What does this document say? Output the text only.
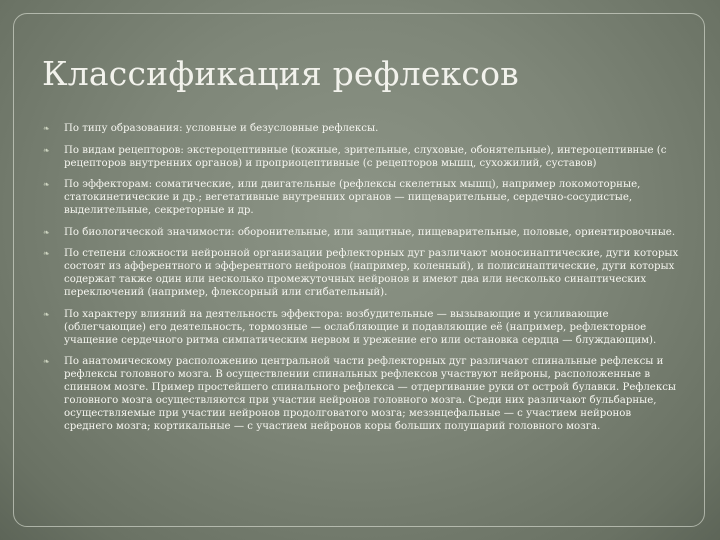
Классификация рефлексов
❧ По типу образования: условные и безусловные рефлексы.
❧ По видам рецепторов: экстероцептивные (кожные, зрительные, слуховые, обонятельные), интероцептивные (с рецепторов внутренних органов) и проприоцептивные (с рецепторов мышц, сухожилий, суставов)
❧ По эффекторам: соматические, или двигательные (рефлексы скелетных мышц), например локомоторные, статокинетические и др.; вегетативные внутренних органов — пищеварительные, сердечно-сосудистые, выделительные, секреторные и др.
❧ По биологической значимости: оборонительные, или защитные, пищеварительные, половые, ориентировочные.
❧ По степени сложности нейронной организации рефлекторных дуг различают моносинаптические, дуги которых состоят из афферентного и эфферентного нейронов (например, коленный), и полисинаптические, дуги которых содержат также один или несколько промежуточных нейронов и имеют два или несколько синаптических переключений (например, флексорный или сгибательный).
❧ По характеру влияний на деятельность эффектора: возбудительные — вызывающие и усиливающие (облегчающие) его деятельность, тормозные — ослабляющие и подавляющие её (например, рефлекторное учащение сердечного ритма симпатическим нервом и урежение его или остановка сердца — блуждающим).
❧ По анатомическому расположению центральной части рефлекторных дуг различают спинальные рефлексы и рефлексы головного мозга. В осуществлении спинальных рефлексов участвуют нейроны, расположенные в спинном мозге. Пример простейшего спинального рефлекса — отдергивание руки от острой булавки. Рефлексы головного мозга осуществляются при участии нейронов головного мозга. Среди них различают бульбарные, осуществляемые при участии нейронов продолговатого мозга; мезэнцефальные — с участием нейронов среднего мозга; кортикальные — с участием нейронов коры больших полушарий головного мозга.
